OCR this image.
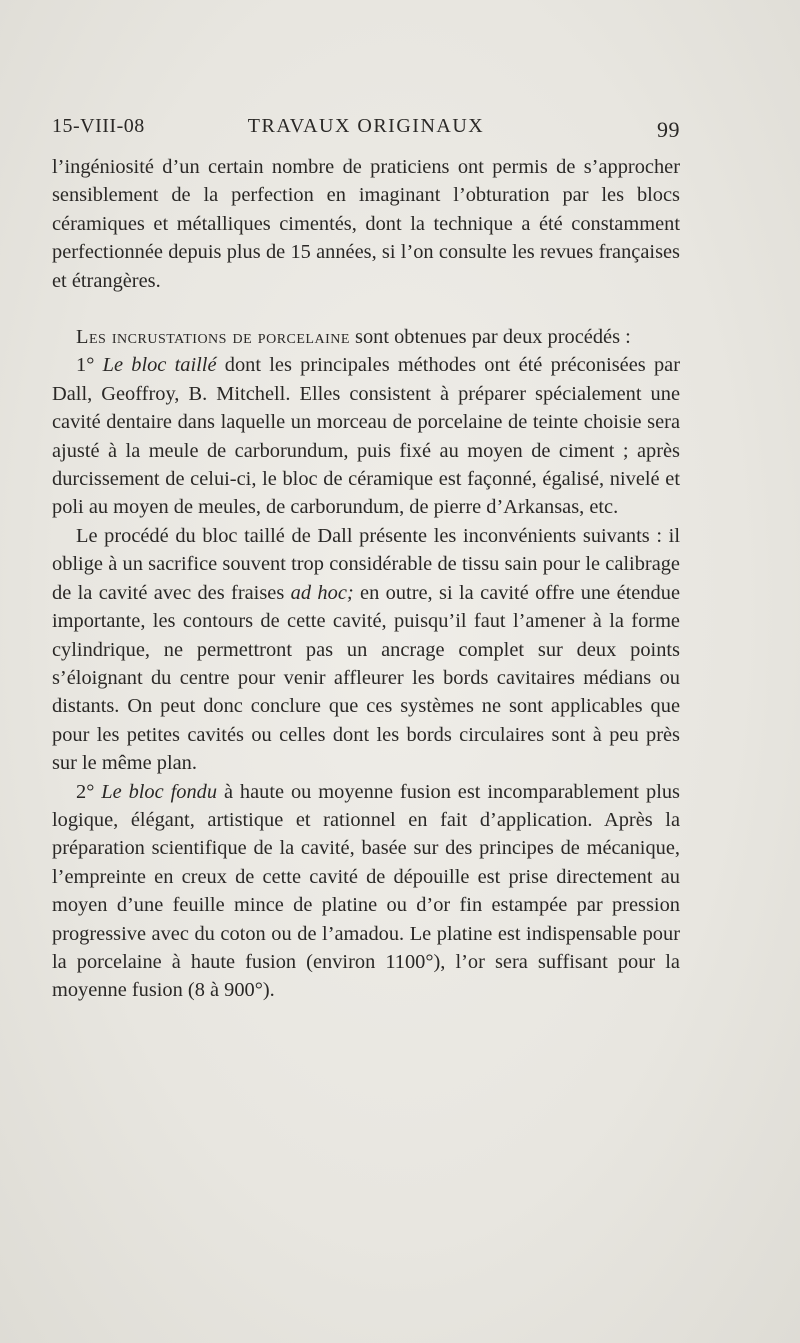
15-VIII-08	TRAVAUX ORIGINAUX	99

l’ingéniosité d’un certain nombre de praticiens ont permis de s’approcher sensiblement de la perfection en imaginant l’obturation par les blocs céramiques et métalliques cimentés, dont la technique a été constamment perfectionnée depuis plus de 15 années, si l’on consulte les revues françaises et étrangères.

Les incrustations de porcelaine sont obtenues par deux procédés :

1° Le bloc taillé dont les principales méthodes ont été préconisées par Dall, Geoffroy, B. Mitchell. Elles consistent à préparer spécialement une cavité dentaire dans laquelle un morceau de porcelaine de teinte choisie sera ajusté à la meule de carborundum, puis fixé au moyen de ciment ; après durcissement de celui-ci, le bloc de céramique est façonné, égalisé, nivelé et poli au moyen de meules, de carborundum, de pierre d’Arkansas, etc.

Le procédé du bloc taillé de Dall présente les inconvénients suivants : il oblige à un sacrifice souvent trop considérable de tissu sain pour le calibrage de la cavité avec des fraises ad hoc; en outre, si la cavité offre une étendue importante, les contours de cette cavité, puisqu’il faut l’amener à la forme cylindrique, ne permettront pas un ancrage complet sur deux points s’éloignant du centre pour venir affleurer les bords cavitaires médians ou distants. On peut donc conclure que ces systèmes ne sont applicables que pour les petites cavités ou celles dont les bords circulaires sont à peu près sur le même plan.

2° Le bloc fondu à haute ou moyenne fusion est incomparablement plus logique, élégant, artistique et rationnel en fait d’application. Après la préparation scientifique de la cavité, basée sur des principes de mécanique, l’empreinte en creux de cette cavité de dépouille est prise directement au moyen d’une feuille mince de platine ou d’or fin estampée par pression progressive avec du coton ou de l’amadou. Le platine est indispensable pour la porcelaine à haute fusion (environ 1100°), l’or sera suffisant pour la moyenne fusion (8 à 900°).
